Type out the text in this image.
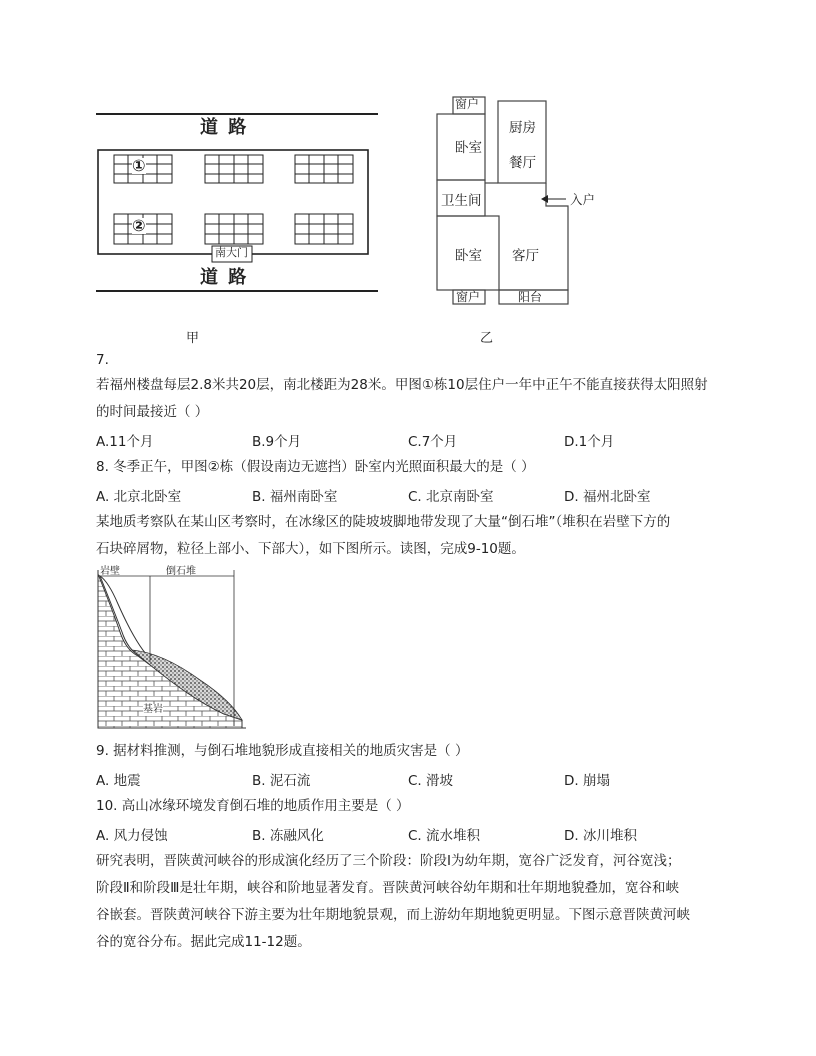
道 路
道 路
①
②
南大门
甲
窗户
卧室
厨房
餐厅
卫生间	入户
卧室 客厅
窗户	阳台
乙
7.
若福州楼盘每层2.8米共20层，南北楼距为28米。甲图①栋10层住户一年中正午不能直接获得太阳照射
的时间最接近（ ）
A.11个月	B.9个月	C.7个月	D.1个月
8. 冬季正午，甲图②栋（假设南边无遮挡）卧室内光照面积最大的是（ ）
A. 北京北卧室	B. 福州南卧室	C. 北京南卧室	D. 福州北卧室
某地质考察队在某山区考察时，在冰缘区的陡坡坡脚地带发现了大量“倒石堆”（堆积在岩壁下方的
石块碎屑物，粒径上部小、下部大），如下图所示。读图，完成9-10题。
岩壁	倒石堆
基岩
9. 据材料推测，与倒石堆地貌形成直接相关的地质灾害是（ ）
A. 地震	B. 泥石流	C. 滑坡	D. 崩塌
10. 高山冰缘环境发育倒石堆的地质作用主要是（ ）
A. 风力侵蚀	B. 冻融风化	C. 流水堆积	D. 冰川堆积
研究表明，晋陕黄河峡谷的形成演化经历了三个阶段：阶段Ⅰ为幼年期，宽谷广泛发育，河谷宽浅；
阶段Ⅱ和阶段Ⅲ是壮年期，峡谷和阶地显著发育。晋陕黄河峡谷幼年期和壮年期地貌叠加，宽谷和峡
谷嵌套。晋陕黄河峡谷下游主要为壮年期地貌景观，而上游幼年期地貌更明显。下图示意晋陕黄河峡
谷的宽谷分布。据此完成11-12题。
